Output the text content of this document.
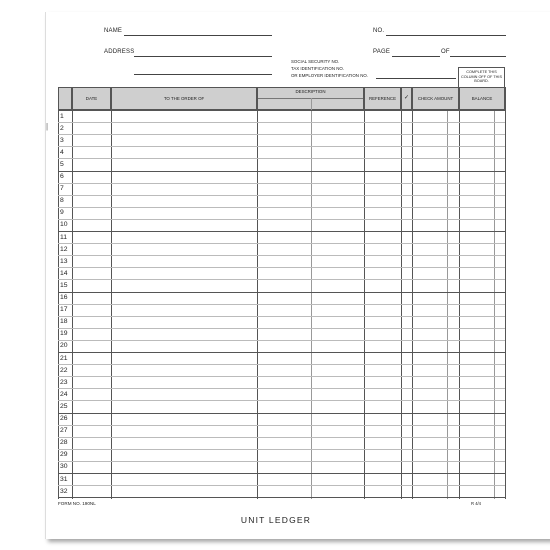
|
NAME	NO.
ADDRESS	PAGE	OF
SOCIAL SECURITY NO.
TAX IDENTIFICATION NO.
OR EMPLOYER IDENTIFICATION NO.
COMPLETE THIS COLUMN OFF OF THIS BOARD.
DATE	TO THE ORDER OF
DESCRIPTION
REFERENCE	✓	CHECK AMOUNT	BALANCE
1
2
3
4
5
6
7
8
9
10
11
12
13
14
15
16
17
18
19
20
21
22
23
24
25
26
27
28
29
30
31
32
FORM NO. 190NL	R 4/4
UNIT LEDGER
